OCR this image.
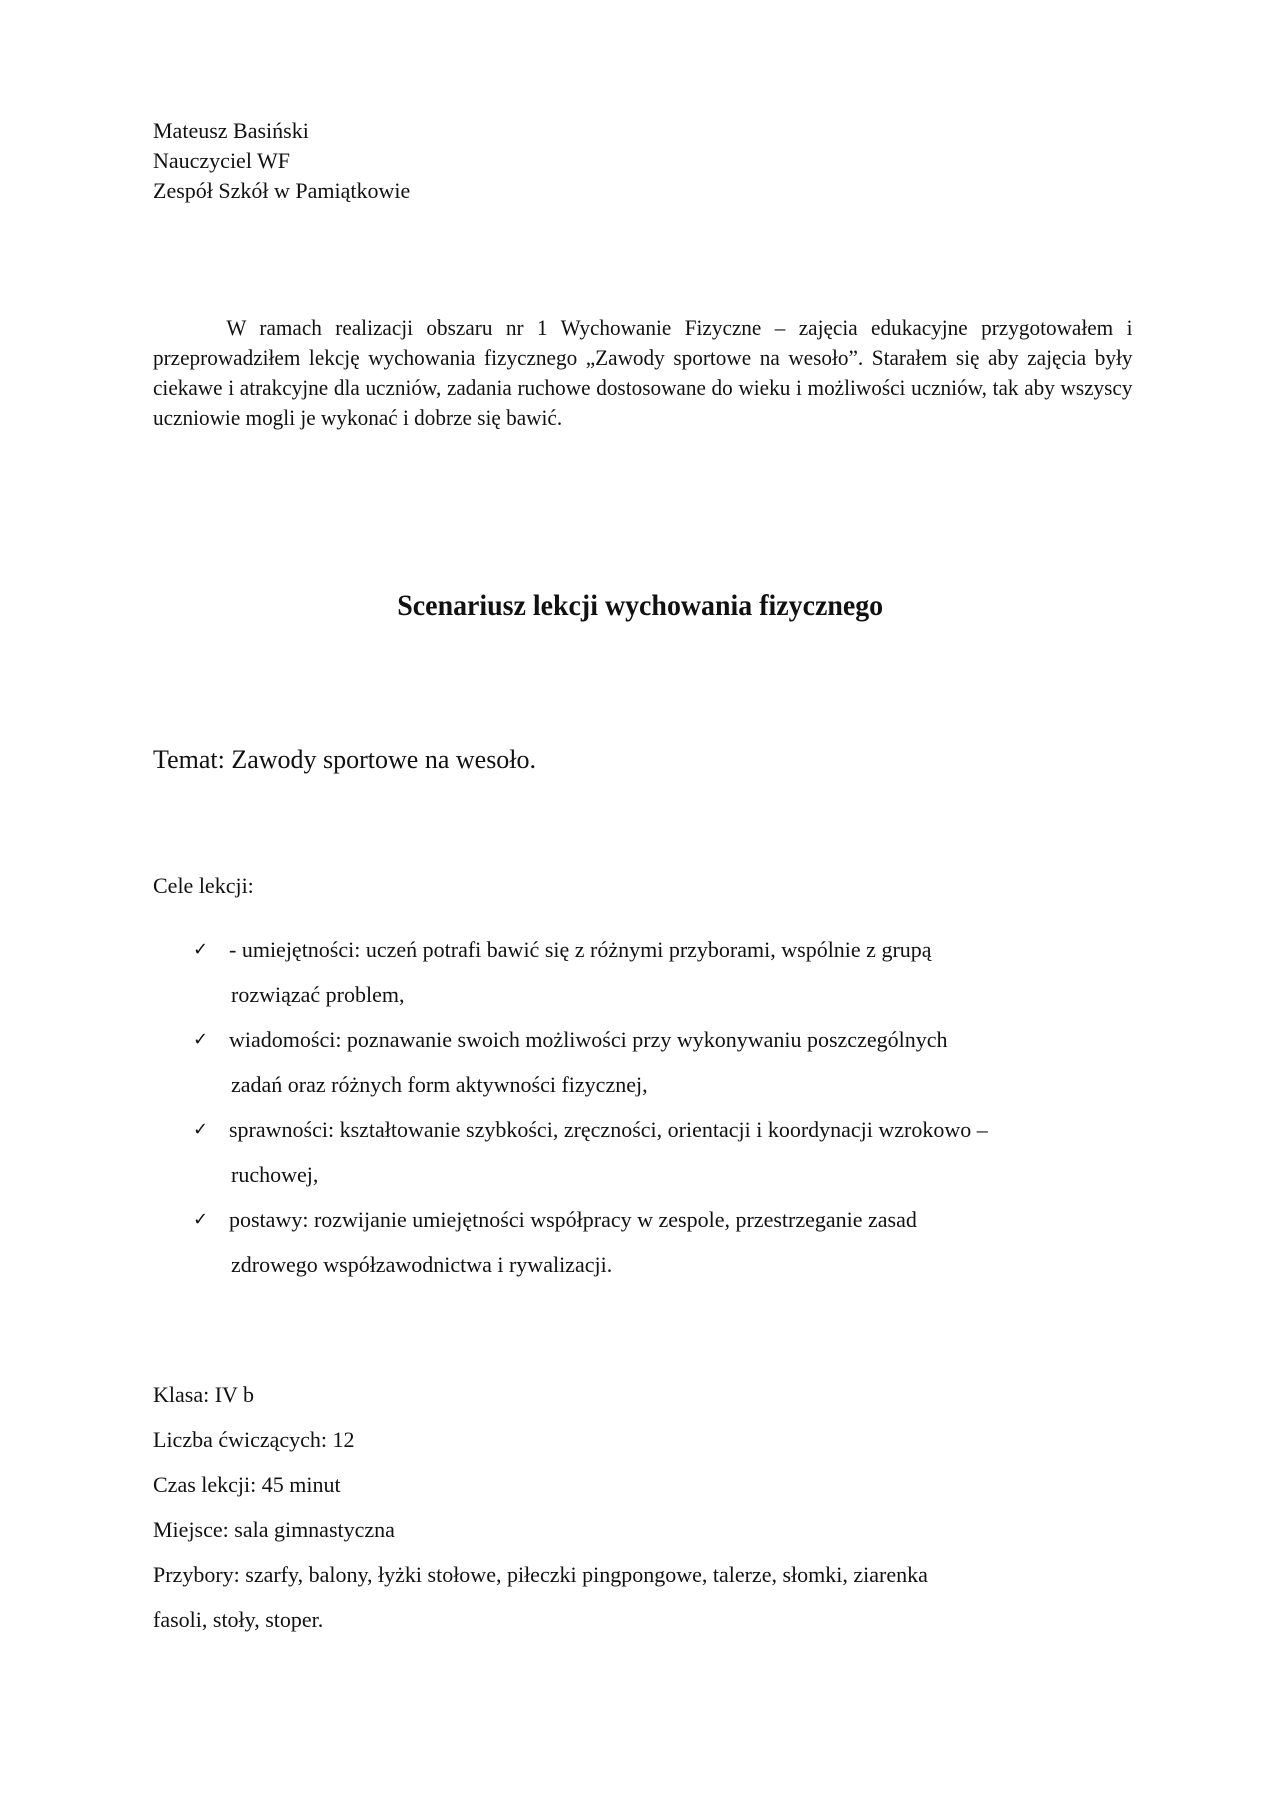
Mateusz Basiński
Nauczyciel WF
Zespół Szkół w Pamiątkowie
W ramach realizacji obszaru nr 1 Wychowanie Fizyczne – zajęcia edukacyjne przygotowałem i przeprowadziłem lekcję wychowania fizycznego „Zawody sportowe na wesoło”. Starałem się aby zajęcia były ciekawe i atrakcyjne dla uczniów, zadania ruchowe dostosowane do wieku i możliwości uczniów, tak aby wszyscy uczniowie mogli je wykonać i dobrze się bawić.
Scenariusz lekcji wychowania fizycznego
Temat: Zawody sportowe na wesoło.
Cele lekcji:
✓ - umiejętności: uczeń potrafi bawić się z różnymi przyborami, wspólnie z grupą
rozwiązać problem,
✓ wiadomości: poznawanie swoich możliwości przy wykonywaniu poszczególnych
zadań oraz różnych form aktywności fizycznej,
✓ sprawności: kształtowanie szybkości, zręczności, orientacji i koordynacji wzrokowo –
ruchowej,
✓ postawy: rozwijanie umiejętności współpracy w zespole, przestrzeganie zasad
zdrowego współzawodnictwa i rywalizacji.
Klasa: IV b
Liczba ćwiczących: 12
Czas lekcji: 45 minut
Miejsce: sala gimnastyczna
Przybory: szarfy, balony, łyżki stołowe, piłeczki pingpongowe, talerze, słomki, ziarenka
fasoli, stoły, stoper.
